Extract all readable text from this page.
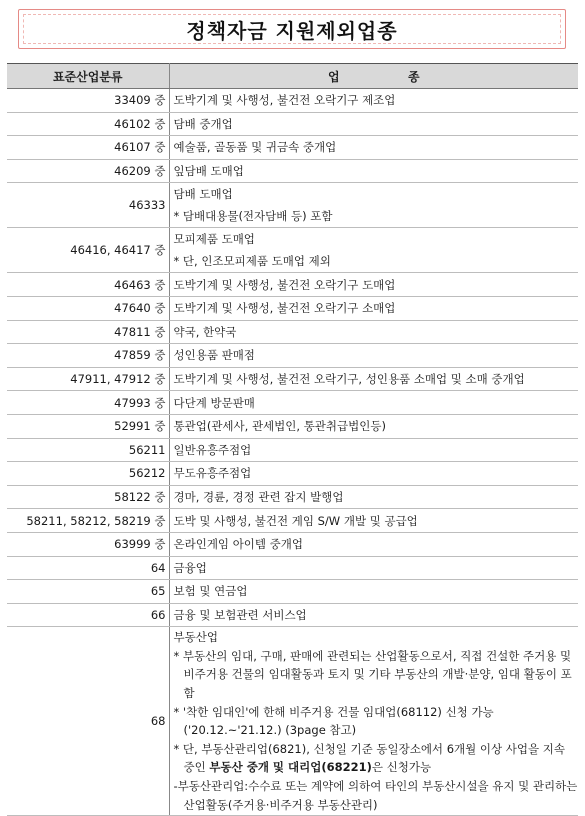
정책자금 지원제외업종
표준산업분류	업 종
33409 중	도박기계 및 사행성, 불건전 오락기구 제조업

46102 중	담배 중개업

46107 중	예술품, 골동품 및 귀금속 중개업

46209 중	잎담배 도매업

46333	담배 도매업
* 담배대용물(전자담배 등) 포함

46416, 46417 중	모피제품 도매업
* 단, 인조모피제품 도매업 제외

46463 중	도박기계 및 사행성, 불건전 오락기구 도매업

47640 중	도박기계 및 사행성, 불건전 오락기구 소매업

47811 중	약국, 한약국

47859 중	성인용품 판매점

47911, 47912 중	도박기계 및 사행성, 불건전 오락기구, 성인용품 소매업 및 소매 중개업

47993 중	다단계 방문판매

52991 중	통관업(관세사, 관세법인, 통관취급법인등)

56211	일반유흥주점업

56212	무도유흥주점업

58122 중	경마, 경륜, 경정 관련 잡지 발행업

58211, 58212, 58219 중	도박 및 사행성, 불건전 게임 S/W 개발 및 공급업

63999 중	온라인게임 아이템 중개업

64	금융업

65	보험 및 연금업

66	금융 및 보험관련 서비스업

68	부동산업
* 부동산의 임대, 구매, 판매에 관련되는 산업활동으로서, 직접 건설한 주거용 및 비주거용 건물의 임대활동과 토지 및 기타 부동산의 개발·분양, 임대 활동이 포함
* '착한 임대인'에 한해 비주거용 건물 임대업(68112) 신청 가능 ('20.12.~'21.12.) (3page 참고)
* 단, 부동산관리업(6821), 신청일 기준 동일장소에서 6개월 이상 사업을 지속 중인 부동산 중개 및 대리업(68221)은 신청가능
-부동산관리업:수수료 또는 계약에 의하여 타인의 부동산시설을 유지 및 관리하는 산업활동(주거용·비주거용 부동산관리)
